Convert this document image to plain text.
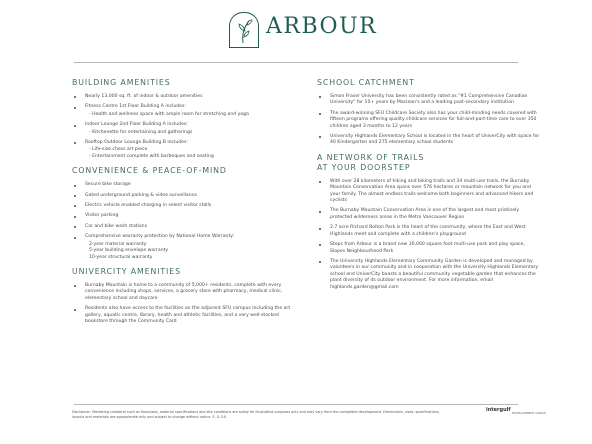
ARBOUR
BUILDING AMENITIES
Nearly 13,000 sq. ft. of indoor & outdoor amenities
Fitness Centre 1st Floor Building A includes:
- Health and wellness space with ample room for stretching and yoga
Indoor Lounge 2nd Floor Building A includes:
- Kitchenette for entertaining and gatherings
Rooftop Outdoor Lounge Building B includes:
- Life-size chess art piece
- Entertainment complete with barbeques and seating
CONVENIENCE & PEACE-OF-MIND
Secure bike storage
Gated underground parking & video surveillance
Electric vehicle enabled charging in select visitor stalls
Visitor parking
Car and bike wash stations
Comprehensive warranty protection by National Home Warranty:
2-year material warranty
5-year building envelope warranty
10-year structural warranty
UNIVERCITY AMENITIES
Burnaby Mountain is home to a community of 5,000+ residents, complete with every convenience including shops, services, a grocery store with pharmacy, medical clinic, elementary school and daycare
Residents also have access to the facilities on the adjacent SFU campus including the art gallery, aquatic centre, library, health and athletic facilities, and a very well-stocked bookstore through the Community Card
SCHOOL CATCHMENT
Simon Fraser University has been consistently rated as "#1 Comprehensive Canadian University" for 10+ years by Maclean's and a leading post-secondary institution
The award-winning SFU Childcare Society also has your child-minding needs covered with fifteen programs offering quality childcare services for full-and-part-time care to over 350 children aged 3 months to 12 years
University Highlands Elementary School is located in the heart of UniverCity with space for 40 Kindergarten and 275 elementary school students
A NETWORK OF TRAILS
AT YOUR DOORSTEP
With over 28 kilometers of hiking and biking trails and 34 multi-use trails, the Burnaby Mountain Conservation Area spans over 576 hectares or mountain network for you and your family. The almost endless trails welcome both beginners and advanced hikers and cyclists
The Burnaby Mountain Conservation Area is one of the largest and most pristinely protected wilderness areas in the Metro Vancouver Region
2.7 acre Richard Bolton Park is the heart of the community, where the East and West Highlands meet and complete with a children's playground
Steps from Arbour is a brand new 30,000 square foot multi-use park and play space, Slopes Neighbourhood Park
The University Highlands Elementary Community Garden is developed and managed by volunteers in our community and in cooperation with the University Highlands Elementary school and UniverCity boasts a beautiful community vegetable garden that enhances the plant diversity of its outdoor environment. For more information, email highlands.garden@gmail.com
Disclaimer: Marketing collateral such as floorplans, material specifications and site conditions are solely for illustrative purposes only and may vary from the completed development. Dimensions, sizes, specifications, layouts and materials are approximate only and subject to change without notice. E. & O.E.
intergulf DEVELOPMENT GROUP
